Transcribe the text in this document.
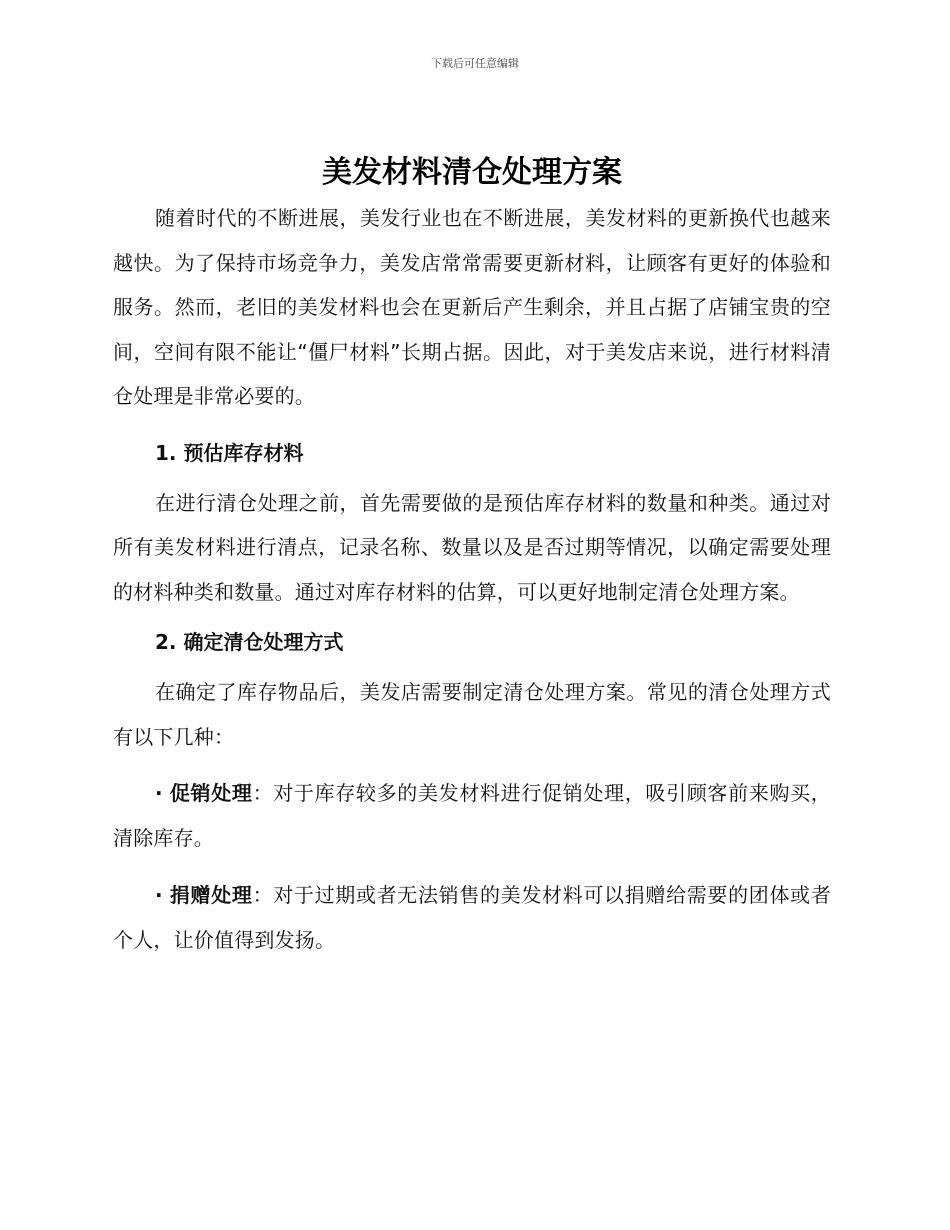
下载后可任意编辑
美发材料清仓处理方案

随着时代的不断进展，美发行业也在不断进展，美发材料的更新换代也越来越快。为了保持市场竞争力，美发店常常需要更新材料，让顾客有更好的体验和服务。然而，老旧的美发材料也会在更新后产生剩余，并且占据了店铺宝贵的空间，空间有限不能让“僵尸材料”长期占据。因此，对于美发店来说，进行材料清仓处理是非常必要的。

1. 预估库存材料

在进行清仓处理之前，首先需要做的是预估库存材料的数量和种类。通过对所有美发材料进行清点，记录名称、数量以及是否过期等情况，以确定需要处理的材料种类和数量。通过对库存材料的估算，可以更好地制定清仓处理方案。

2. 确定清仓处理方式

在确定了库存物品后，美发店需要制定清仓处理方案。常见的清仓处理方式有以下几种：

· 促销处理：对于库存较多的美发材料进行促销处理，吸引顾客前来购买，清除库存。

· 捐赠处理：对于过期或者无法销售的美发材料可以捐赠给需要的团体或者个人，让价值得到发扬。
